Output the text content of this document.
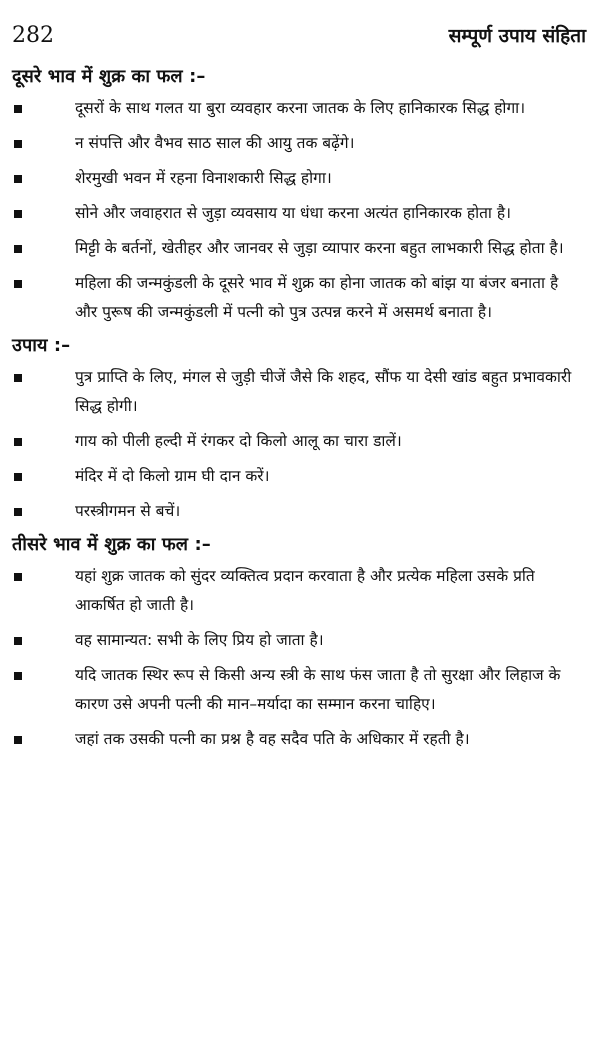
282	सम्पूर्ण उपाय संहिता
दूसरे भाव में शुक्र का फल :–
दूसरों के साथ गलत या बुरा व्यवहार करना जातक के लिए हानिकारक सिद्ध होगा।
न संपत्ति और वैभव साठ साल की आयु तक बढ़ेंगे।
शेरमुखी भवन में रहना विनाशकारी सिद्ध होगा।
सोने और जवाहरात से जुड़ा व्यवसाय या धंधा करना अत्यंत हानिकारक होता है।
मिट्टी के बर्तनों, खेतीहर और जानवर से जुड़ा व्यापार करना बहुत लाभकारी सिद्ध होता है।
महिला की जन्मकुंडली के दूसरे भाव में शुक्र का होना जातक को बांझ या बंजर बनाता है और पुरूष की जन्मकुंडली में पत्नी को पुत्र उत्पन्न करने में असमर्थ बनाता है।
उपाय :–
पुत्र प्राप्ति के लिए, मंगल से जुड़ी चीजें जैसे कि शहद, सौंफ या देसी खांड बहुत प्रभावकारी सिद्ध होगी।
गाय को पीली हल्दी में रंगकर दो किलो आलू का चारा डालें।
मंदिर में दो किलो ग्राम घी दान करें।
परस्त्रीगमन से बचें।
तीसरे भाव में शुक्र का फल :–
यहां शुक्र जातक को सुंदर व्यक्तित्व प्रदान करवाता है और प्रत्येक महिला उसके प्रति आकर्षित हो जाती है।
वह सामान्यत: सभी के लिए प्रिय हो जाता है।
यदि जातक स्थिर रूप से किसी अन्य स्त्री के साथ फंस जाता है तो सुरक्षा और लिहाज के कारण उसे अपनी पत्नी की मान–मर्यादा का सम्मान करना चाहिए।
जहां तक उसकी पत्नी का प्रश्न है वह सदैव पति के अधिकार में रहती है।
